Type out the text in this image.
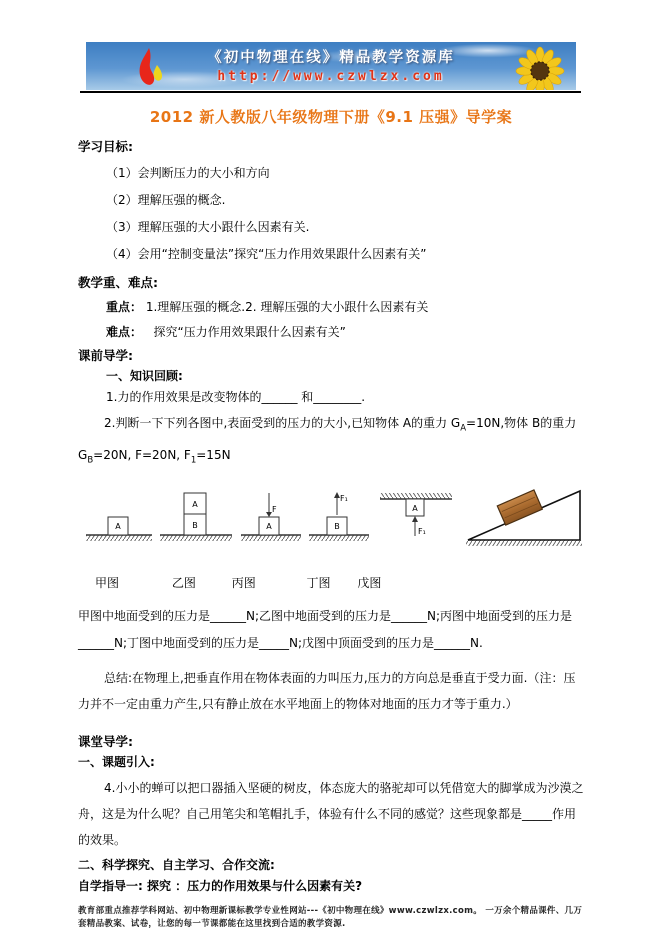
《初中物理在线》精品教学资源库
http://www.czwlzx.com
2012 新人教版八年级物理下册《9.1 压强》导学案
学习目标:
（1）会判断压力的大小和方向
（2）理解压强的概念.
（3）理解压强的大小跟什么因素有关.
（4）会用“控制变量法”探究“压力作用效果跟什么因素有关”
教学重、难点:
重点： 1.理解压强的概念.2. 理解压强的大小跟什么因素有关
难点： 探究“压力作用效果跟什么因素有关”
课前导学:
一、知识回顾:
1.力的作用效果是改变物体的______ 和________.
2.判断一下下列各图中,表面受到的压力的大小,已知物体 A的重力 $G_A=10N$,物体 B的重力 $G_B=20N$, F=20N, $F_1=15N$
A
A
B	A
F
B
F₁
A
F₁
甲图	乙图	丙图	丁图 戊图
甲图中地面受到的压力是______N;乙图中地面受到的压力是______N;丙图中地面受到的压力是______N;丁图中地面受到的压力是_____N;戊图中顶面受到的压力是______N.
总结:在物理上,把垂直作用在物体表面的力叫压力,压力的方向总是垂直于受力面.（注：压力并不一定由重力产生,只有静止放在水平地面上的物体对地面的压力才等于重力.）
课堂导学:
一、课题引入:
4.小小的蝉可以把口器插入坚硬的树皮，体态庞大的骆驼却可以凭借宽大的脚掌成为沙漠之舟，这是为什么呢？自己用笔尖和笔帽扎手，体验有什么不同的感觉？这些现象都是_____作用的效果。
二、科学探究、自主学习、合作交流:
自学指导一: 探究 ：压力的作用效果与什么因素有关?
教育部重点推荐学科网站、初中物理新课标教学专业性网站---《初中物理在线》www.czwlzx.com。 一万余个精品课件、几万套精品教案、试卷，让您的每一节课都能在这里找到合适的教学资源.
